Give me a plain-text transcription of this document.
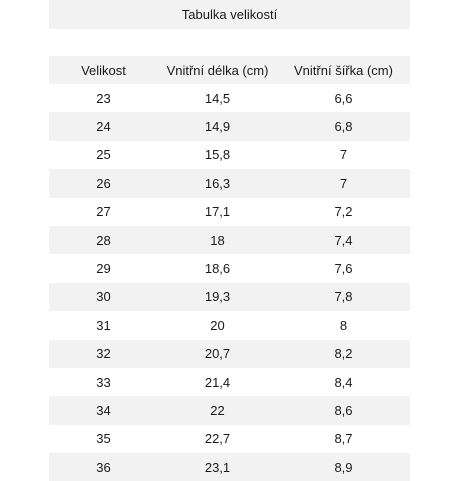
Tabulka velikostí
Velikost	Vnitřní délka (cm)	Vnitřní šířka (cm)
23	14,5	6,6
24	14,9	6,8
25	15,8	7
26	16,3	7
27	17,1	7,2
28	18	7,4
29	18,6	7,6
30	19,3	7,8
31	20	8
32	20,7	8,2
33	21,4	8,4
34	22	8,6
35	22,7	8,7
36	23,1	8,9
